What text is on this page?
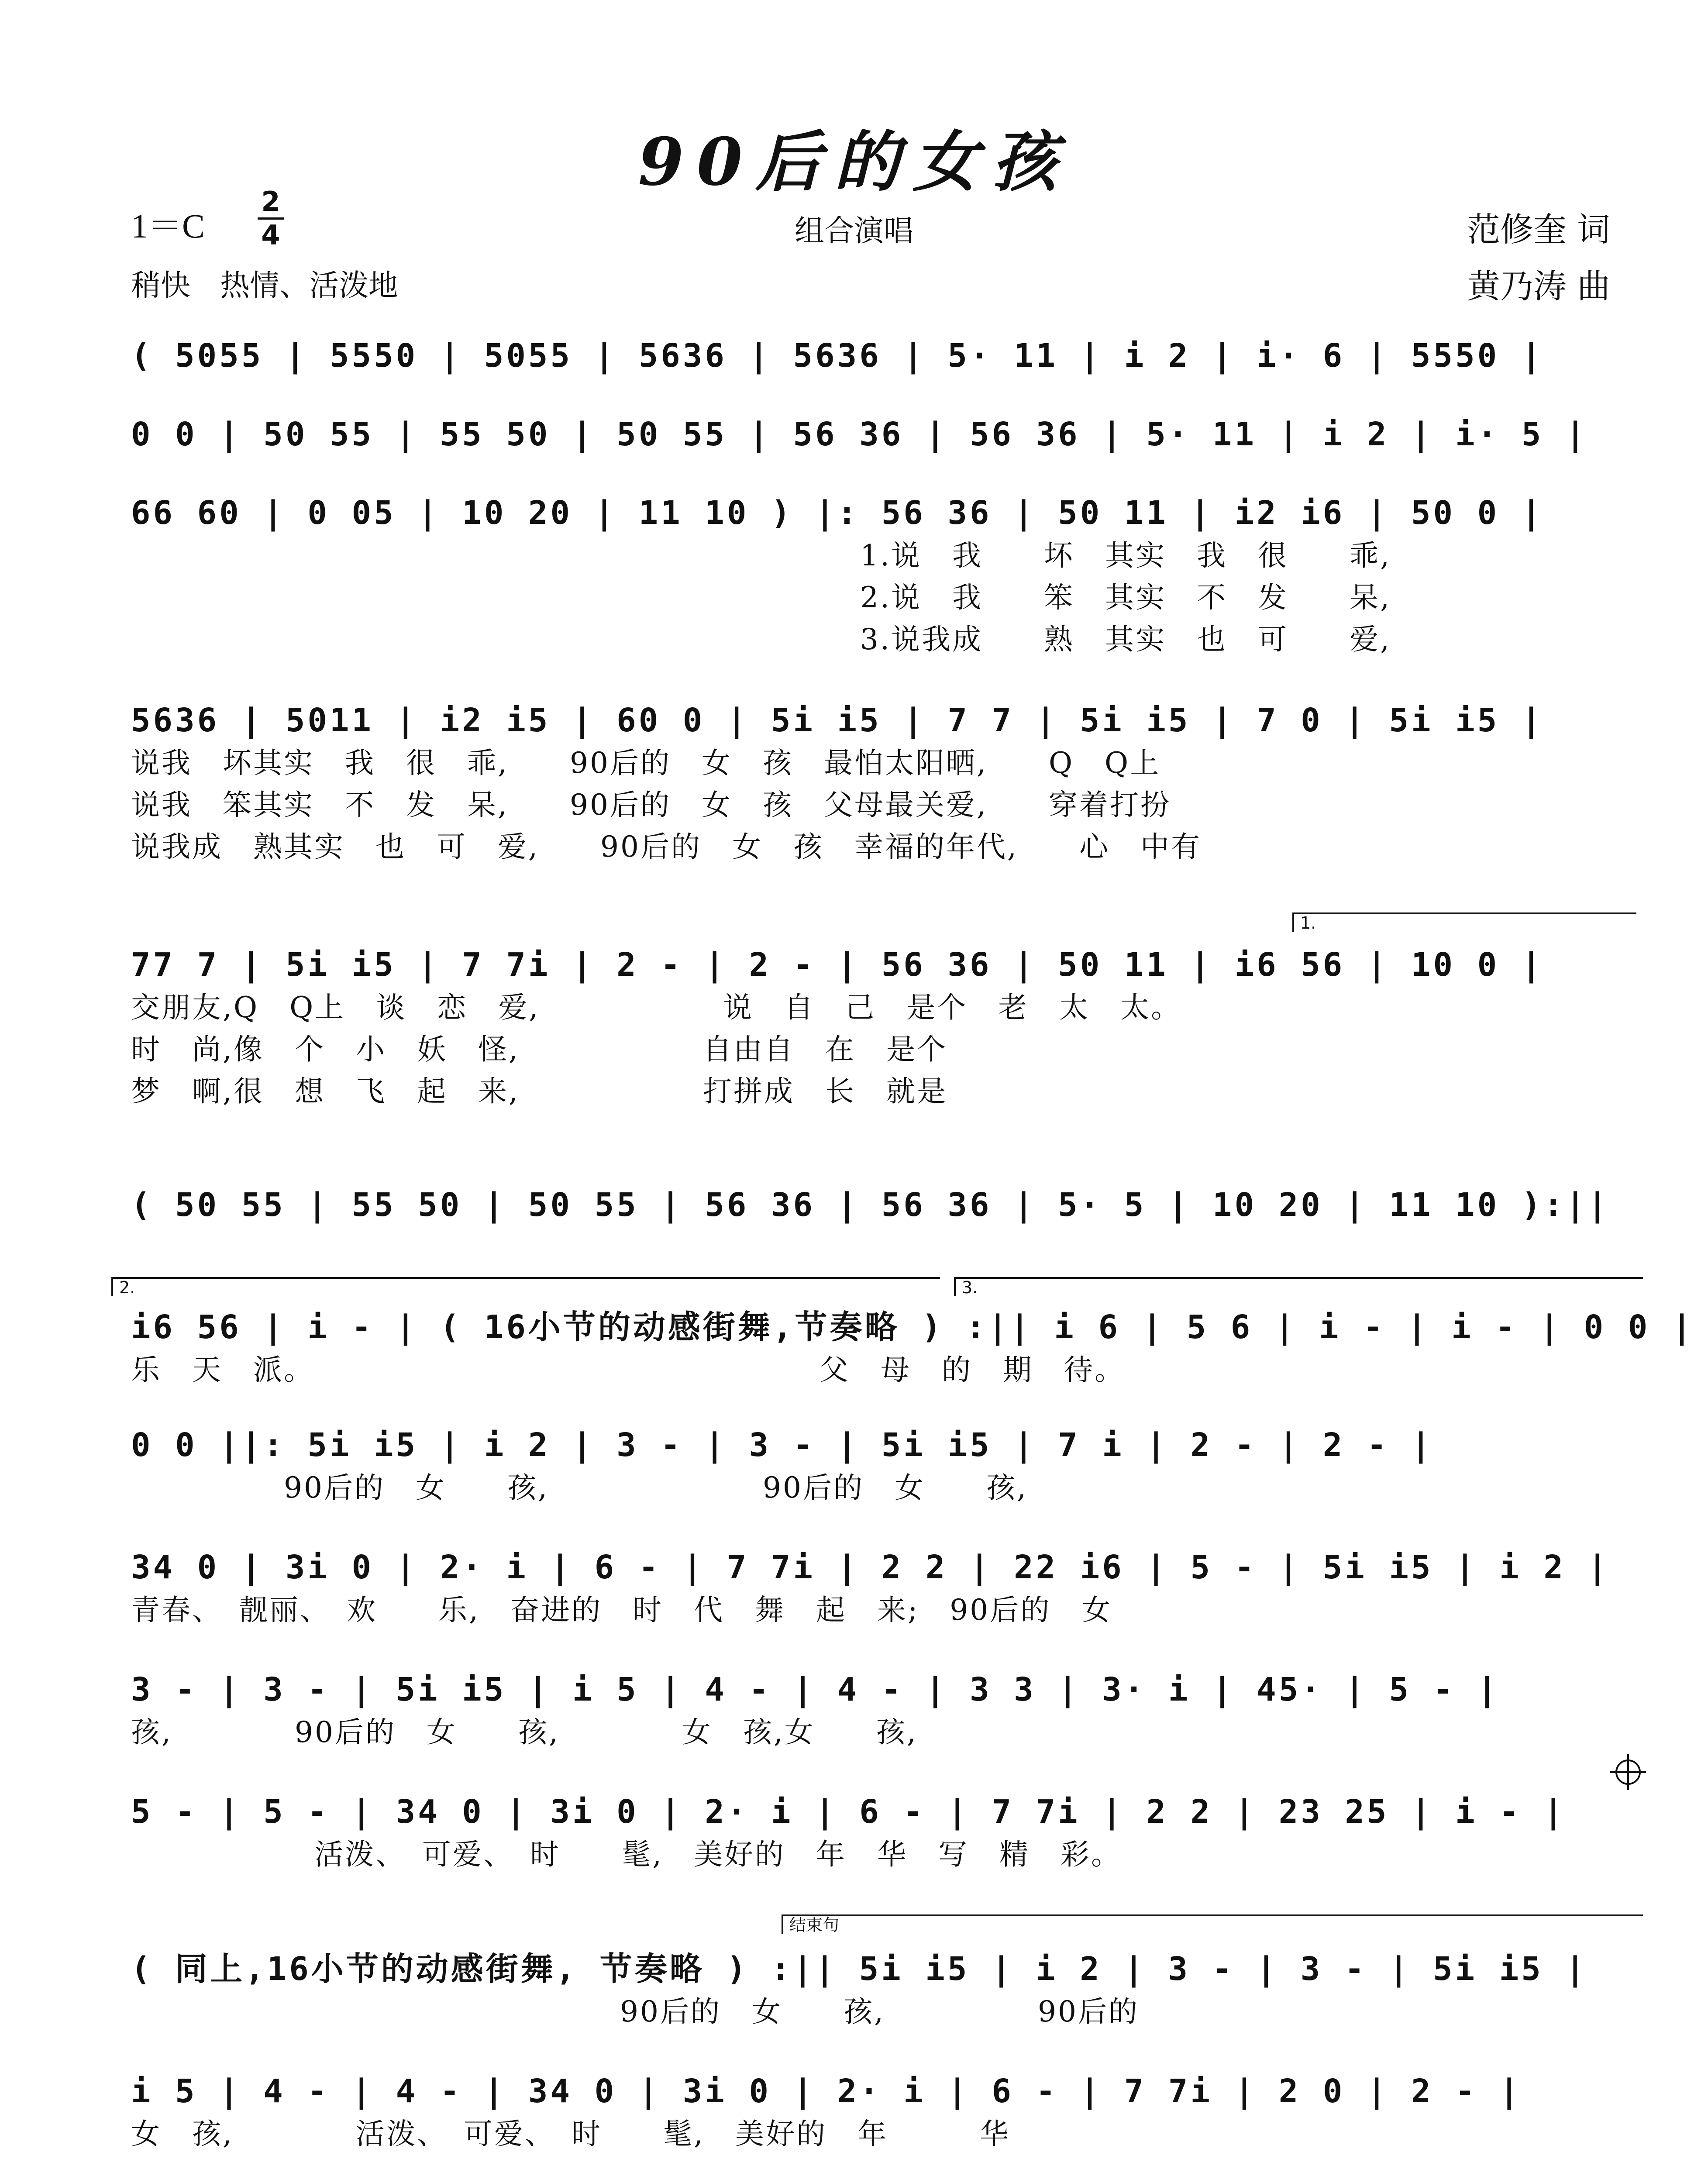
90后的女孩
1＝C
2
4	组合演唱	范修奎 词
稍快　热情、活泼地	黄乃涛 曲
1.
2.	3.
结束句
( 5055 | 5550 | 5055 | 5636 | 5636 | 5· 11 | i 2 | i· 6 | 5550 |
0 0 | 50 55 | 55 50 | 50 55 | 56 36 | 56 36 | 5· 11 | i 2 | i· 5 |
66 60 | 0 05 | 10 20 | 11 10 ) |: 56 36 | 50 11 | i2 i6 | 50 0 |
1.说　我　　坏　其实　我　很　　乖,
2.说　我　　笨　其实　不　发　　呆,
3.说我成　　熟　其实　也　可　　爱,
5636 | 5011 | i2 i5 | 60 0 | 5i i5 | 7 7 | 5i i5 | 7 0 | 5i i5 |
说我　坏其实　我　很　乖,　　90后的　女　孩　最怕太阳晒,　　Q　Q上
说我　笨其实　不　发　呆,　　90后的　女　孩　父母最关爱,　　穿着打扮
说我成　熟其实　也　可　爱,　　90后的　女　孩　幸福的年代,　　心　中有
77 7 | 5i i5 | 7 7i | 2 - | 2 - | 56 36 | 50 11 | i6 56 | 10 0 |
交朋友,Q　Q上　谈　恋　爱,　　　　　　说　自　己　是个　老　太　太。
时　尚,像　个　小　妖　怪,　　　　　　自由自　在　是个
梦　啊,很　想　飞　起　来,　　　　　　打拼成　长　就是
( 50 55 | 55 50 | 50 55 | 56 36 | 56 36 | 5· 5 | 10 20 | 11 10 ):||
i6 56 | i - | ( 16小节的动感街舞,节奏略 ) :|| i 6 | 5 6 | i - | i - | 0 0 |
乐　天　派。　　　　　　　　　　　　　　　　　父　母　的　期　待。
0 0 ||: 5i i5 | i 2 | 3 - | 3 - | 5i i5 | 7 i | 2 - | 2 - |
　　　　　90后的　女　　孩,　　　　　　　90后的　女　　孩,
34 0 | 3i 0 | 2· i | 6 - | 7 7i | 2 2 | 22 i6 | 5 - | 5i i5 | i 2 |
青春、　靓丽、　欢　　乐,　奋进的　时　代　舞　起　来;　90后的　女
3 - | 3 - | 5i i5 | i 5 | 4 - | 4 - | 3 3 | 3· i | 45· | 5 - |
孩,　　　　90后的　女　　孩,　　　　女　孩,女　　孩,
5 - | 5 - | 34 0 | 3i 0 | 2· i | 6 - | 7 7i | 2 2 | 23 25 | i - |
　　　　　　活泼、　可爱、　时　　髦,　美好的　年　华　写　精　彩。
( 同上,16小节的动感街舞, 节奏略 ) :|| 5i i5 | i 2 | 3 - | 3 - | 5i i5 |
　　　　　　　　　　　　　　　　90后的　女　　孩,　　　　　90后的
i 5 | 4 - | 4 - | 34 0 | 3i 0 | 2· i | 6 - | 7 7i | 2 0 | 2 - |
女　孩,　　　　活泼、　可爱、　时　　髦,　美好的　年　　　华
